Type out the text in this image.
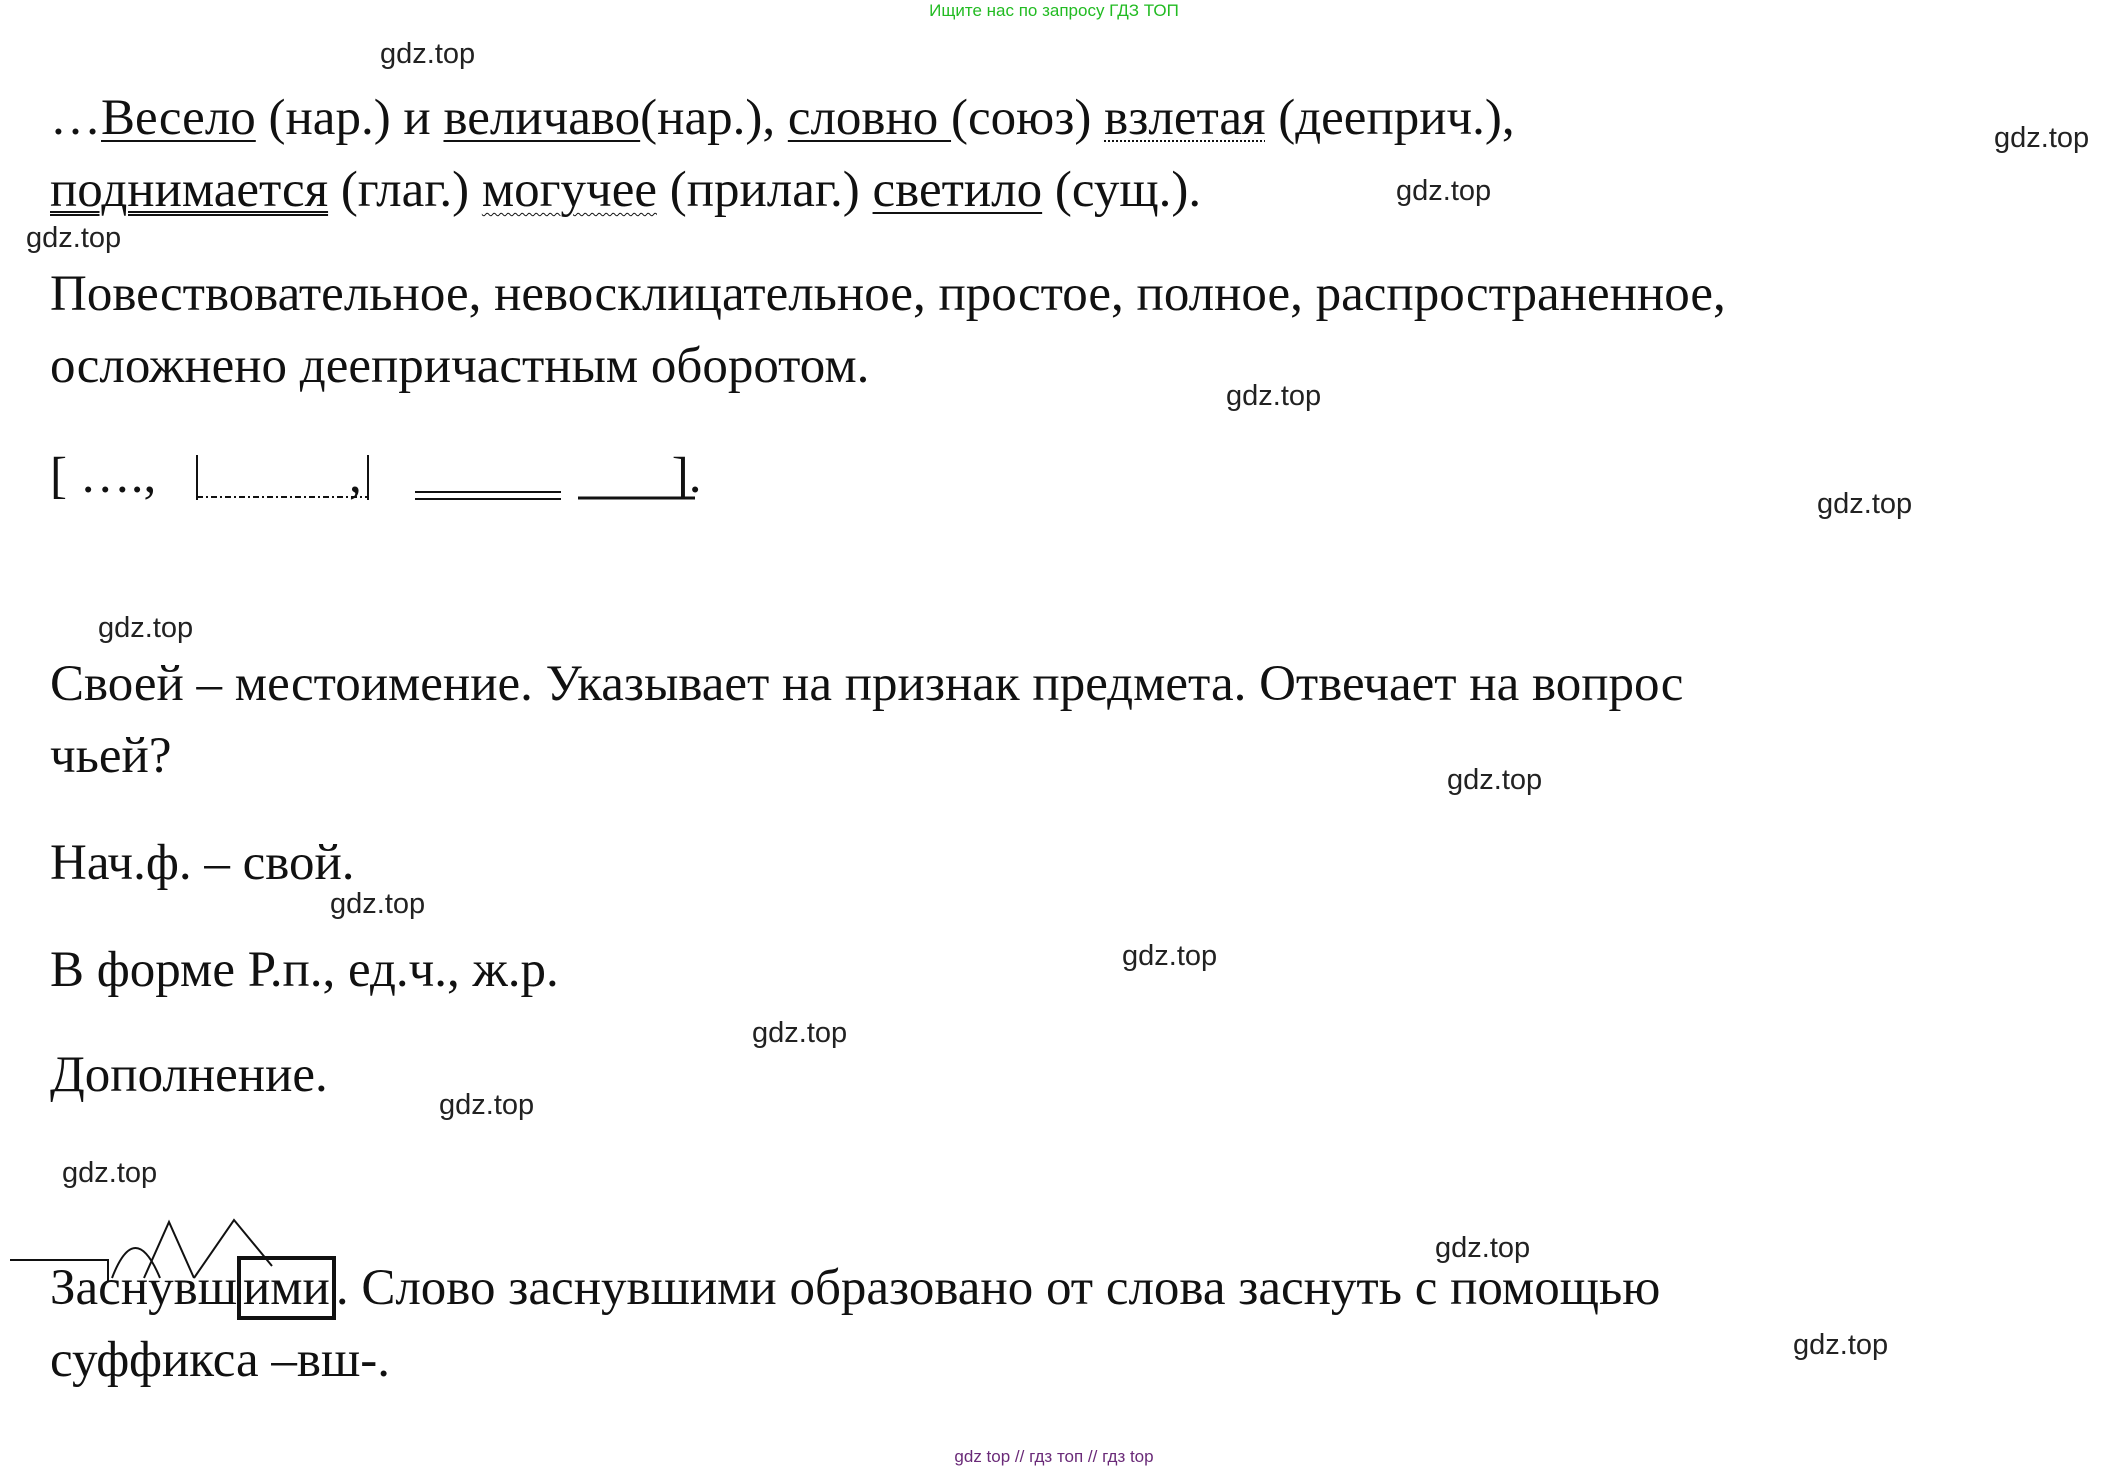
Ищите нас по запросу ГДЗ ТОП
gdz.top
gdz.top
gdz.top
gdz.top
gdz.top
gdz.top
gdz.top
gdz.top
gdz.top
gdz.top
gdz.top
gdz.top
gdz.top
gdz.top
gdz.top
…Весело (нар.) и величаво(нар.), словно (союз) взлетая (дееприч.),
поднимается (глаг.) могучее (прилаг.) светило (сущ.).
Повествовательное, невосклицательное, простое, полное, распространенное,
осложнено деепричастным оборотом.
[ ….,	,	].
Своей – местоимение. Указывает на признак предмета. Отвечает на вопрос
чьей?
Нач.ф. – свой.
В форме Р.п., ед.ч., ж.р.
Дополнение.
Заснувш ими . Слово заснувшими образовано от слова заснуть с помощью
суффикса –вш-.
gdz top // гдз топ // гдз top
